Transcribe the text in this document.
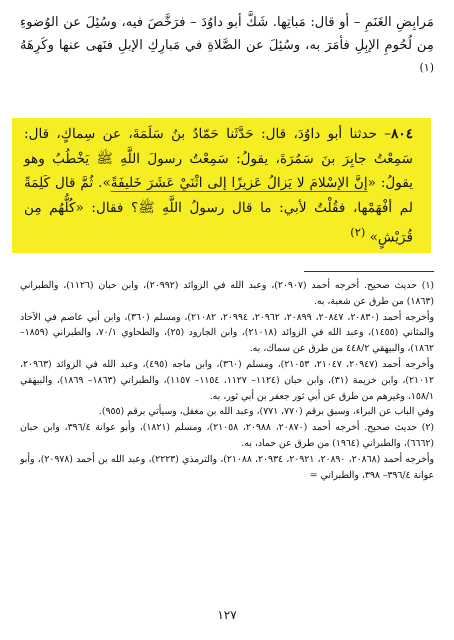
مَرابِضِ الغَنَمِ – أو قال: مَباتِها. شَكَّ أبو داوُدَ – فرَخَّصَ فيه، وسُئِلَ عن الوُضوءِ مِن لُحُومِ الإبِلِ فأمَرَ به، وسُئِلَ عن الصَّلاةِ في مَبارِكِ الإبلِ فنَهى عنها وكَرِهَهُ $^{(١)}$

٨٠٤– حدثنا أبو داوُدَ، قال: حَدَّثَنا حَمّادُ بنُ سَلَمَةَ، عن سِماكٍ، قال: سَمِعْتُ جابِرَ بنَ سَمُرَةَ، يقولُ: سَمِعْتُ رسولَ اللَّهِ ﷺ يَخْطُبُ وهو يقولُ: «إنَّ الإسْلامَ لا يَزالُ عَزيزًا إلى اثْنَيْ عَشَرَ خَليفَةً». ثُمَّ قال كَلِمَةً لم أفْهَمْها، فقُلْتُ لأبي: ما قال رسولُ اللَّهِ ﷺ؟ فقال: «كُلُّهُم مِن قُرَيْشٍ» $^{(٢)}$

(١) حديث صحيح. أخرجه أحمد (٢٠٩٠٧)، وعبد الله في الزوائد (٢٠٩٩٢)، وابن حبان (١١٢٦)، والطبراني (١٨٦٣) من طرق عن شعبة، به.

وأخرجه أحمد (٢٠٨٣٠، ٢٠٨٤٧، ٢٠٨٩٩، ٢٠٩٦٢، ٢٠٩٩٤، ٢١٠٨٢)، ومسلم (٣٦٠)، وابن أبي عاصم في الآحاد والمثاني (١٤٥٥)، وعبد الله في الزوائد (٢١٠١٨)، وابن الجارود (٢٥)، والطحاوي ٧٠/١، والطبراني (١٨٥٩– ١٨٦٢)، والبيهقي ٤٤٨/٢ من طرق عن سماك، به.

وأخرجه أحمد (٢٠٩٤٧، ٢١٠٤٧، ٢١٠٥٣)، ومسلم (٣٦٠)، وابن ماجه (٤٩٥)، وعبد الله في الزوائد (٢٠٩٦٣، ٢١٠١٢)، وابن خزيمة (٣١)، وابن حبان (١١٢٤– ١١٢٧، ١١٥٤– ١١٥٧)، والطبراني (١٨٦٣– ١٨٦٩)، والبيهقي ١٥٨/١، وغيرهم من طرق عن أبي ثور جعفر بن أبي ثور، به.

وفي الباب عن البراء، وسبق برقم (٧٧٠، ٧٧١)، وعبد الله بن مغفل، وسيأتي برقم (٩٥٥).

(٢) حديث صحيح. أخرجه أحمد (٢٠٨٧٠، ٢٠٩٨٨، ٢١٠٥٨)، ومسلم (١٨٢١)، وأبو عوانة ٣٩٦/٤، وابن حبان (٦٦٦٢)، والطبراني (١٩٦٤) من طرق عن حماد، به.

وأخرجه أحمد (٢٠٨٦٨، ٢٠٨٩٠، ٢٠٩٢١، ٢٠٩٣٤، ٢١٠٨٨)، والترمذي (٢٢٢٣)، وعبد الله بن أحمد (٢٠٩٧٨)، وأبو عوانة ٣٩٦/٤– ٣٩٨، والطبراني =

١٢٧
